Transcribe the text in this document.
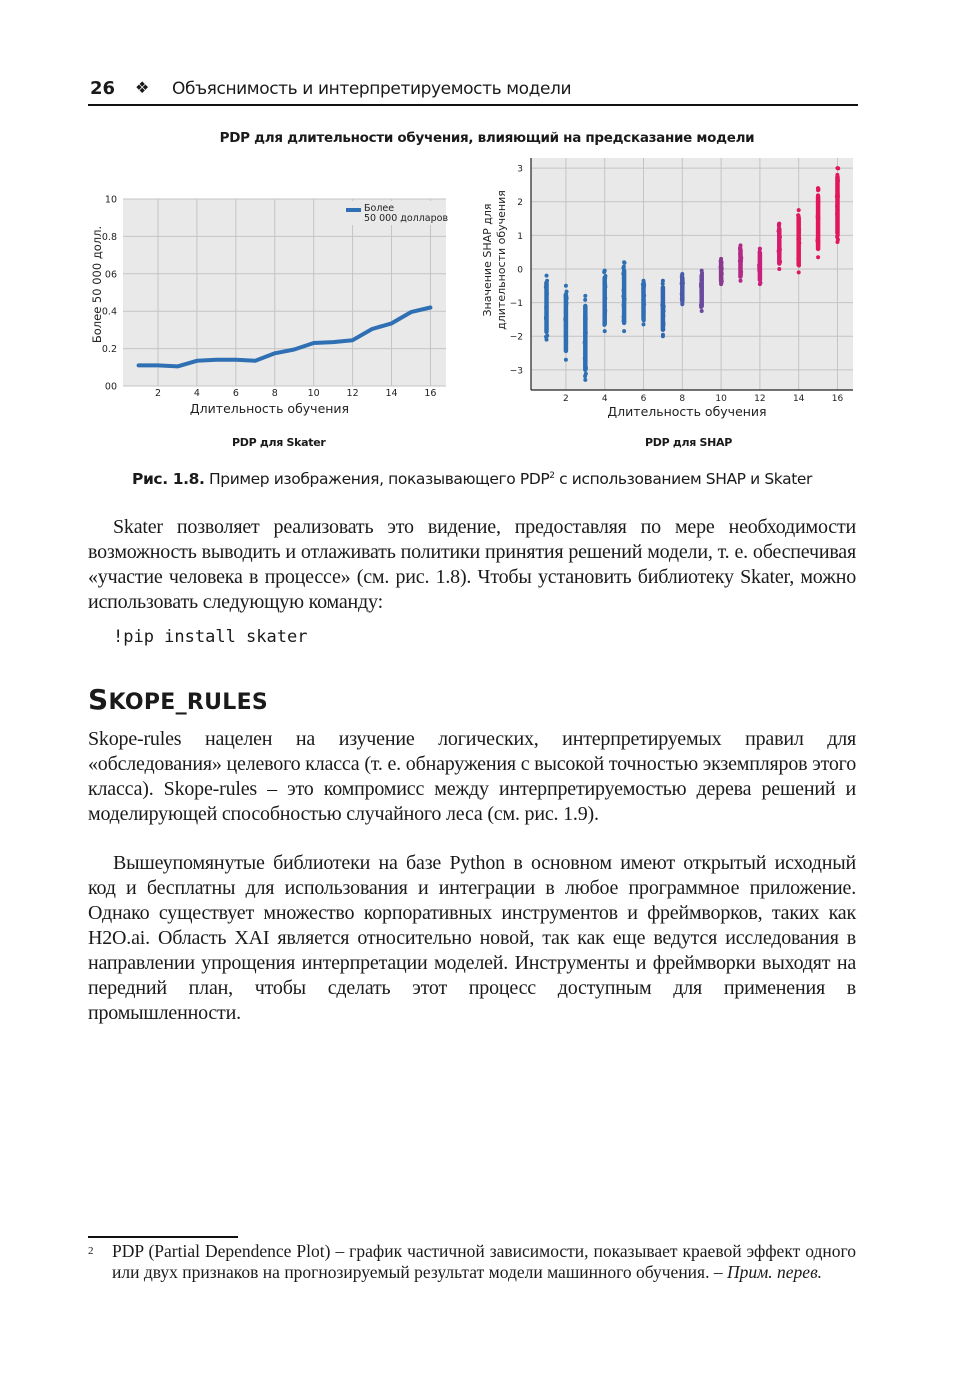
26 ❖ Объяснимость и интерпретируемость модели
PDP для длительности обучения, влияющий на предсказание модели
00
0.2
0.4
06
0.8
10
2	4	6	8	10	12	14	16
Более
50 000 долларов
Длительность обучения
Более 50 000 долл.
PDP для Skater
−3
−2
−1
0
1
2
3
2	4	6	8	10	12	14	16
Длительность обучения
Значение SHAP для длительности обучения
PDP для SHAP
Рис. 1.8. Пример изображения, показывающего PDP$^2$ с использованием SHAP и Skater
Skater позволяет реализовать это видение, предоставляя по мере необходимости возможность выводить и отлаживать политики принятия решений модели, т. е. обеспечивая «участие человека в процессе» (см. рис. 1.8). Чтобы установить библиотеку Skater, можно использовать следующую команду:
!pip install skater
SKOPE_RULES
Skope-rules нацелен на изучение логических, интерпретируемых правил для «обследования» целевого класса (т. е. обнаружения с высокой точностью экземпляров этого класса). Skope-rules – это компромисс между интерпретируемостью дерева решений и моделирующей способностью случайного леса (см. рис. 1.9).
Вышеупомянутые библиотеки на базе Python в основном имеют открытый исходный код и бесплатны для использования и интеграции в любое программное приложение. Однако существует множество корпоративных инструментов и фреймворков, таких как H2O.ai. Область XAI является относительно новой, так как еще ведутся исследования в направлении упрощения интерпретации моделей. Инструменты и фреймворки выходят на передний план, чтобы сделать этот процесс доступным для применения в промышленности.
2	PDP (Partial Dependence Plot) – график частичной зависимости, показывает краевой эффект одного или двух признаков на прогнозируемый результат модели машинного обучения. – Прим. перев.
